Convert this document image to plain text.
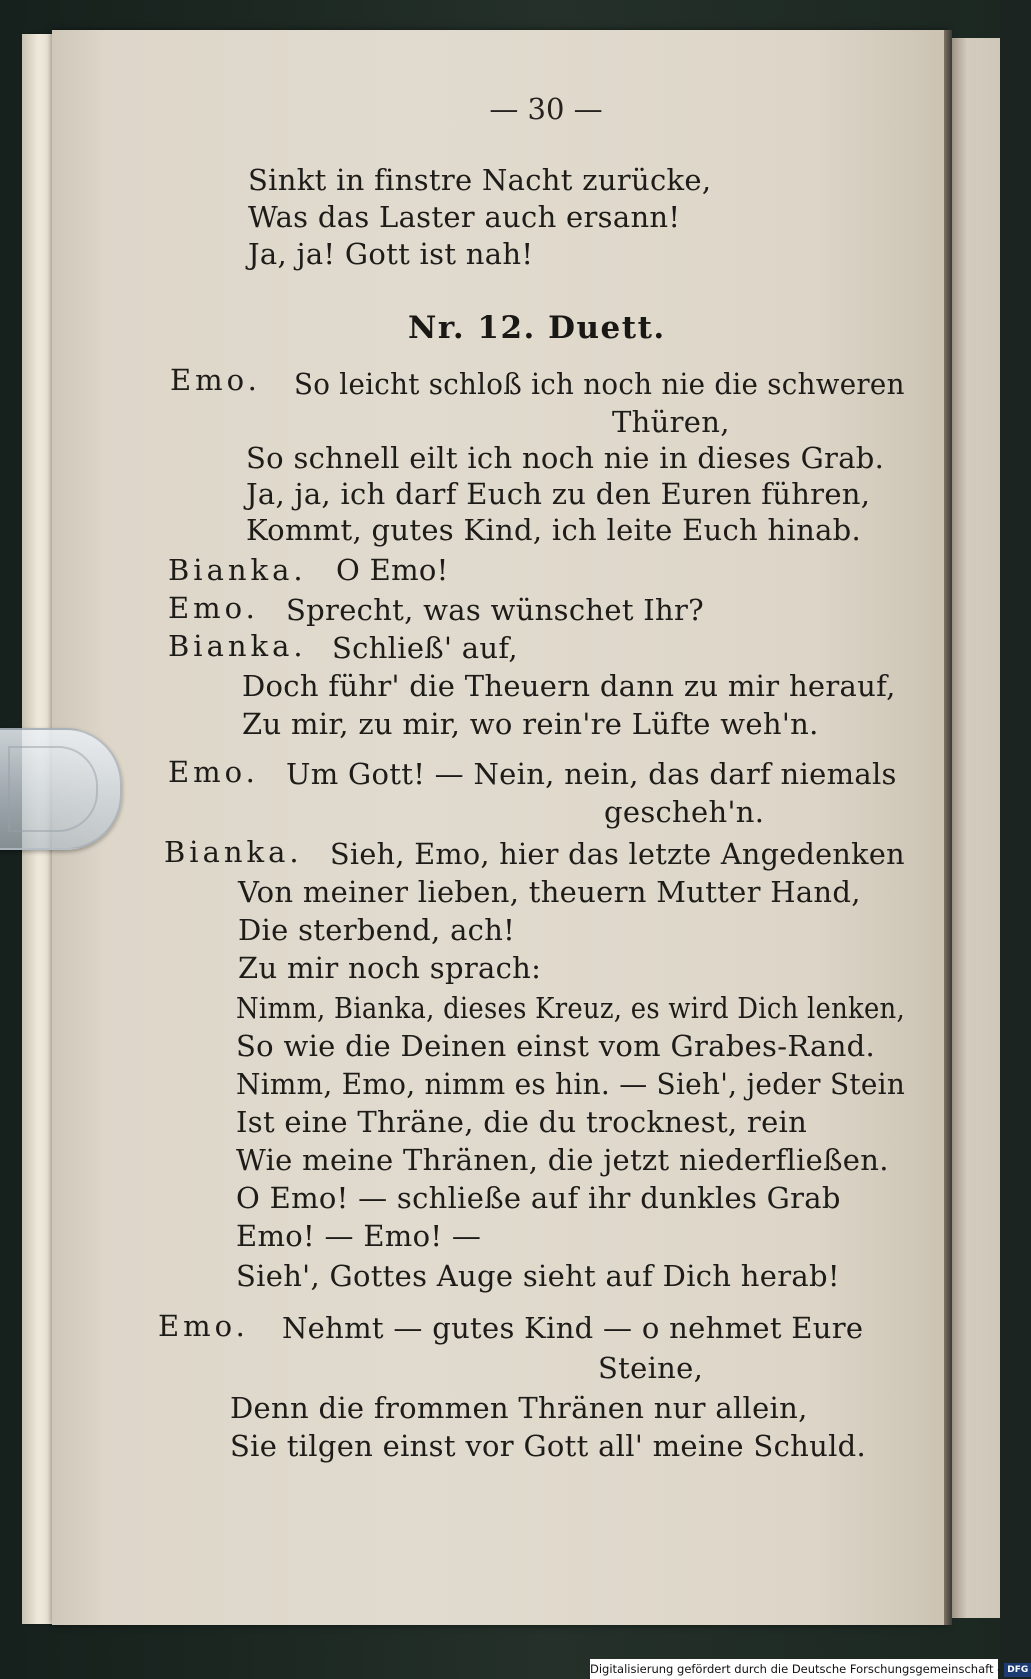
— 30 —
Sinkt in finstre Nacht zurücke,
Was das Laster auch ersann!
Ja, ja! Gott ist nah!
Nr. 12. Duett.
Emo. So leicht schloß ich noch nie die schweren
Thüren,
So schnell eilt ich noch nie in dieses Grab.
Ja, ja, ich darf Euch zu den Euren führen,
Kommt, gutes Kind, ich leite Euch hinab.
Bianka. O Emo!
Emo. Sprecht, was wünschet Ihr?
Bianka. Schließ' auf,
Doch führ' die Theuern dann zu mir herauf,
Zu mir, zu mir, wo rein're Lüfte weh'n.
Emo. Um Gott! — Nein, nein, das darf niemals
gescheh'n.
Bianka. Sieh, Emo, hier das letzte Angedenken
Von meiner lieben, theuern Mutter Hand,
Die sterbend, ach!
Zu mir noch sprach:
Nimm, Bianka, dieses Kreuz, es wird Dich lenken,
So wie die Deinen einst vom Grabes-Rand.
Nimm, Emo, nimm es hin. — Sieh', jeder Stein
Ist eine Thräne, die du trocknest, rein
Wie meine Thränen, die jetzt niederfließen.
O Emo! — schließe auf ihr dunkles Grab
Emo! — Emo! —
Sieh', Gottes Auge sieht auf Dich herab!
Emo. Nehmt — gutes Kind — o nehmet Eure
Steine,
Denn die frommen Thränen nur allein,
Sie tilgen einst vor Gott all' meine Schuld.
Digitalisierung gefördert durch die Deutsche Forschungsgemeinschaft - DFG
